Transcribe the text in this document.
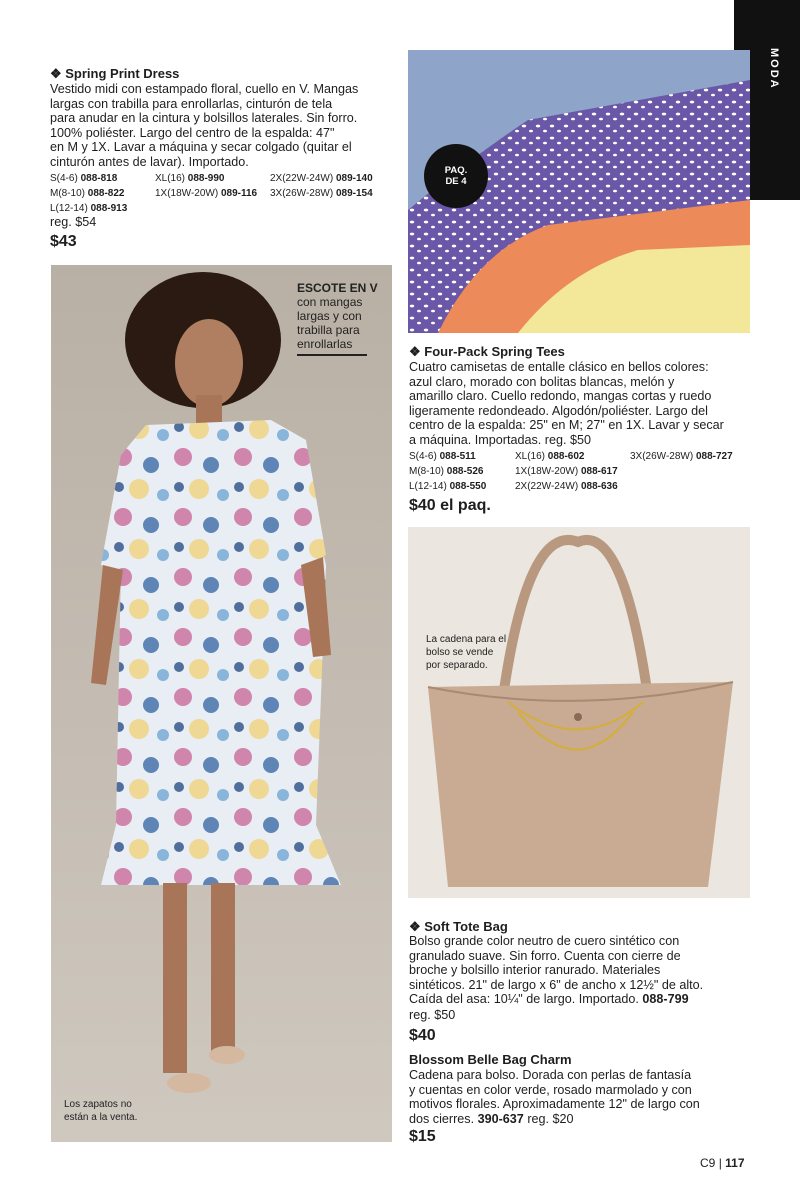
MODA
❖ Spring Print Dress
Vestido midi con estampado floral, cuello en V. Mangas
largas con trabilla para enrollarlas, cinturón de tela
para anudar en la cintura y bolsillos laterales. Sin forro.
100% poliéster. Largo del centro de la espalda: 47"
en M y 1X. Lavar a máquina y secar colgado (quitar el
cinturón antes de lavar). Importado.
S(4-6) 088-818	XL(16) 088-990	2X(22W-24W) 089-140
M(8-10) 088-822	1X(18W-20W) 089-116 3X(26W-28W) 089-154
L(12-14) 088-913
reg. $54
$43
ESCOTE EN V
con mangas
largas y con
trabilla para
enrollarlas
Los zapatos no
están a la venta.
PAQ.
DE 4
❖ Four-Pack Spring Tees
Cuatro camisetas de entalle clásico en bellos colores:
azul claro, morado con bolitas blancas, melón y
amarillo claro. Cuello redondo, mangas cortas y ruedo
ligeramente redondeado. Algodón/poliéster. Largo del
centro de la espalda: 25" en M; 27" en 1X. Lavar y secar
a máquina. Importadas. reg. $50
S(4-6) 088-511	XL(16) 088-602	3X(26W-28W) 088-727
M(8-10) 088-526	1X(18W-20W) 088-617
L(12-14) 088-550	2X(22W-24W) 088-636
$40 el paq.
La cadena para el
bolso se vende
por separado.
❖ Soft Tote Bag
Bolso grande color neutro de cuero sintético con
granulado suave. Sin forro. Cuenta con cierre de
broche y bolsillo interior ranurado. Materiales
sintéticos. 21" de largo x 6" de ancho x 12½" de alto.
Caída del asa: 10¼" de largo. Importado. 088-799
reg. $50
$40
Blossom Belle Bag Charm
Cadena para bolso. Dorada con perlas de fantasía
y cuentas en color verde, rosado marmolado y con
motivos florales. Aproximadamente 12" de largo con
dos cierres. 390-637 reg. $20
$15
C9 | 117
